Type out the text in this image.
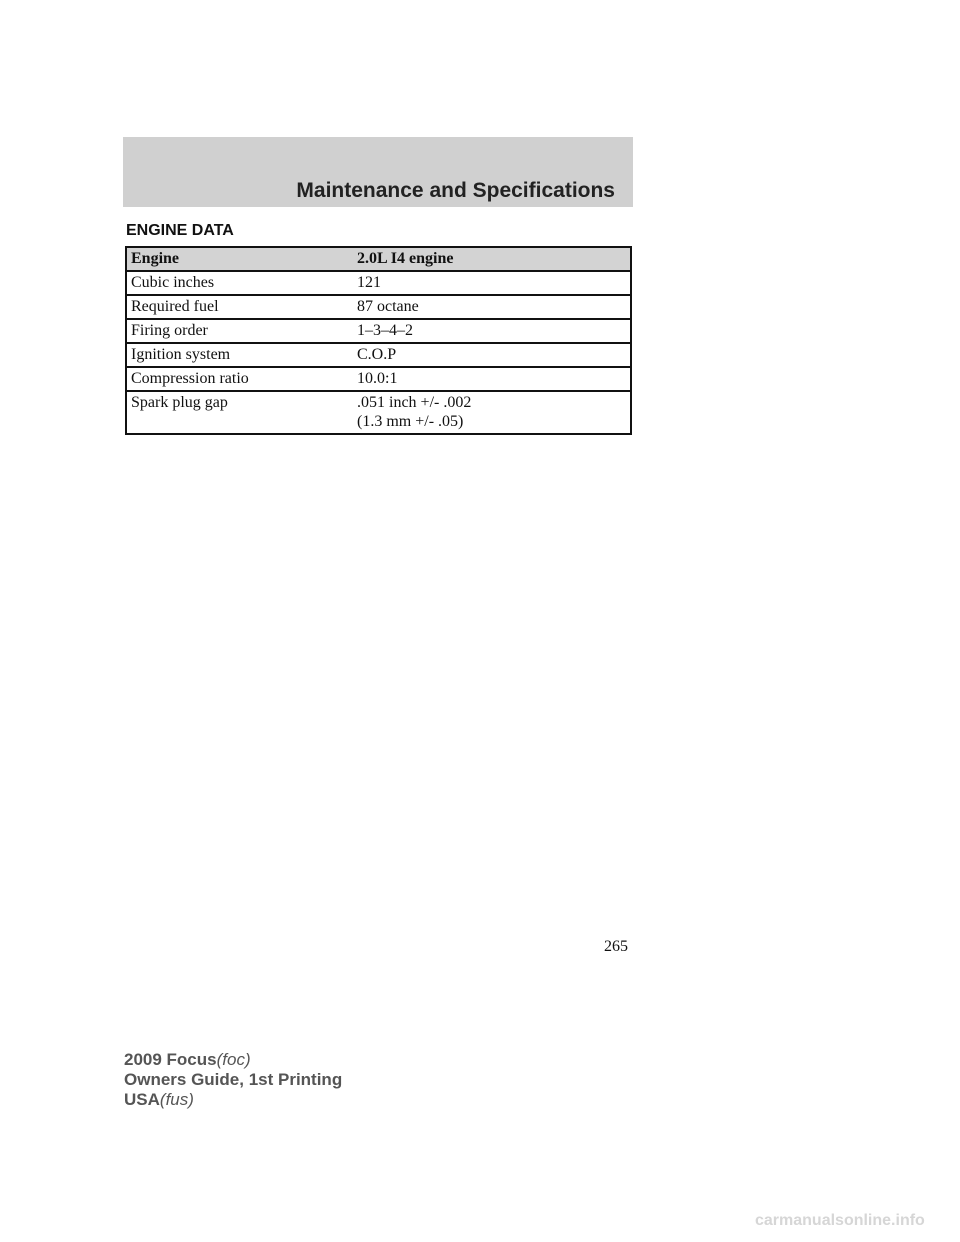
Maintenance and Specifications
ENGINE DATA
Engine	2.0L I4 engine
Cubic inches	121
Required fuel	87 octane
Firing order	1–3–4–2
Ignition system	C.O.P
Compression ratio	10.0:1
Spark plug gap	.051 inch +/- .002
(1.3 mm +/- .05)
265
2009 Focus(foc)
Owners Guide, 1st Printing
USA(fus)
carmanualsonline.info
